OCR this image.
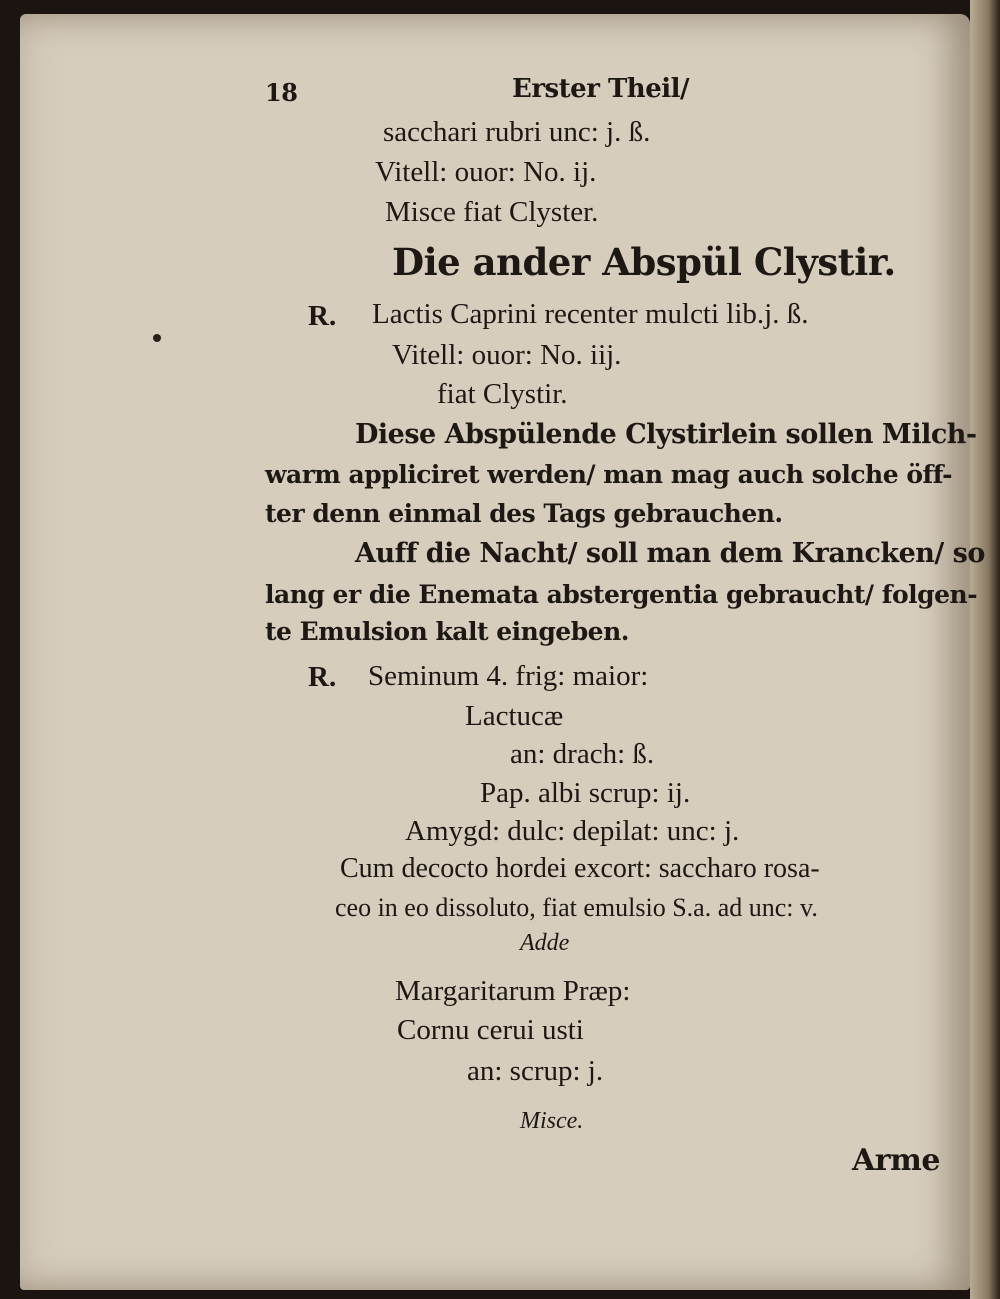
18	Erster Theil/
sacchari rubri unc: j. ß.
Vitell: ouor: No. ij.
Misce fiat Clyster.
Die ander Abspül Clystir.
R. Lactis Caprini recenter mulcti lib.j. ß.
Vitell: ouor: No. iij.
fiat Clystir.
Diese Abspülende Clystirlein sollen Milch-
warm appliciret werden/ man mag auch solche öff-
ter denn einmal des Tags gebrauchen.
Auff die Nacht/ soll man dem Krancken/ so
lang er die Enemata abstergentia gebraucht/ folgen-
te Emulsion kalt eingeben.
R. Seminum 4. frig: maior:
Lactucæ
an: drach: ß.
Pap. albi scrup: ij.
Amygd: dulc: depilat: unc: j.
Cum decocto hordei excort: sacchаro rosa-
ceo in eo dissoluto, fiat emulsio S.a. ad unc: v.
Adde
Margaritarum Præp:
Cornu cerui usti
an: scrup: j.
Misce.
Arme
